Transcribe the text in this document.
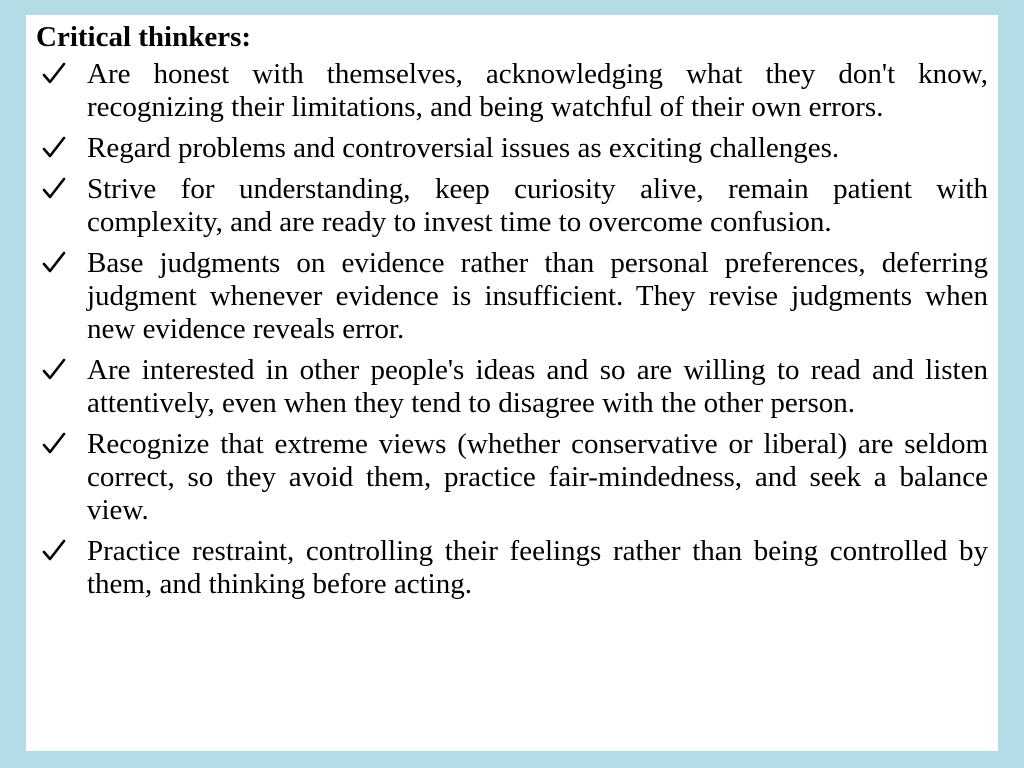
Critical thinkers:
Are honest with themselves, acknowledging what they don't know, recognizing their limitations, and being watchful of their own errors.
Regard problems and controversial issues as exciting challenges.
Strive for understanding, keep curiosity alive, remain patient with complexity, and are ready to invest time to overcome confusion.
Base judgments on evidence rather than personal preferences, deferring judgment whenever evidence is insufficient. They revise judgments when new evidence reveals error.
Are interested in other people's ideas and so are willing to read and listen attentively, even when they tend to disagree with the other person.
Recognize that extreme views (whether conservative or liberal) are seldom correct, so they avoid them, practice fair-mindedness, and seek a balance view.
Practice restraint, controlling their feelings rather than being controlled by them, and thinking before acting.
